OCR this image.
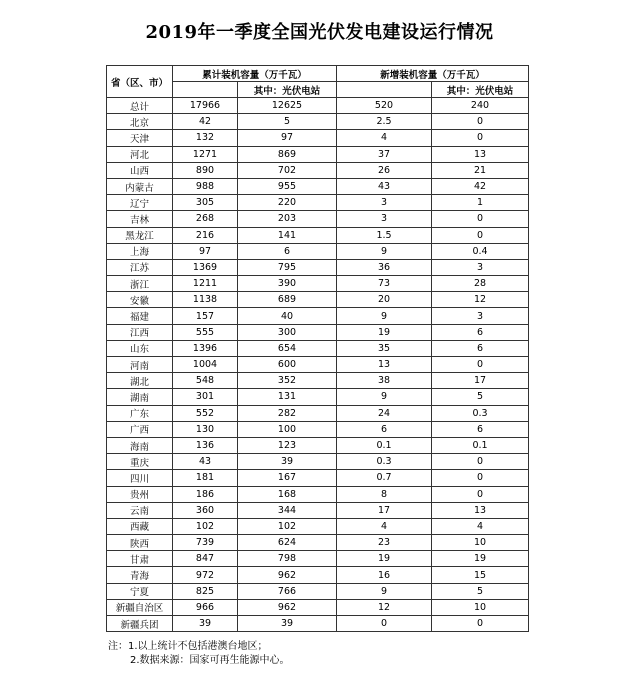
2019年一季度全国光伏发电建设运行情况
省（区、市）	累计装机容量（万千瓦）		新增装机容量（万千瓦）	
		其中：光伏电站		其中：光伏电站
总计	17966	12625	520	240
北京	42	5	2.5	0
天津	132	97	4	0
河北	1271	869	37	13
山西	890	702	26	21
内蒙古	988	955	43	42
辽宁	305	220	3	1
吉林	268	203	3	0
黑龙江	216	141	1.5	0
上海	97	6	9	0.4
江苏	1369	795	36	3
浙江	1211	390	73	28
安徽	1138	689	20	12
福建	157	40	9	3
江西	555	300	19	6
山东	1396	654	35	6
河南	1004	600	13	0
湖北	548	352	38	17
湖南	301	131	9	5
广东	552	282	24	0.3
广西	130	100	6	6
海南	136	123	0.1	0.1
重庆	43	39	0.3	0
四川	181	167	0.7	0
贵州	186	168	8	0
云南	360	344	17	13
西藏	102	102	4	4
陕西	739	624	23	10
甘肃	847	798	19	19
青海	972	962	16	15
宁夏	825	766	9	5
新疆自治区	966	962	12	10
新疆兵团	39	39	0	0
注：1.以上统计不包括港澳台地区；
2.数据来源：国家可再生能源中心。
